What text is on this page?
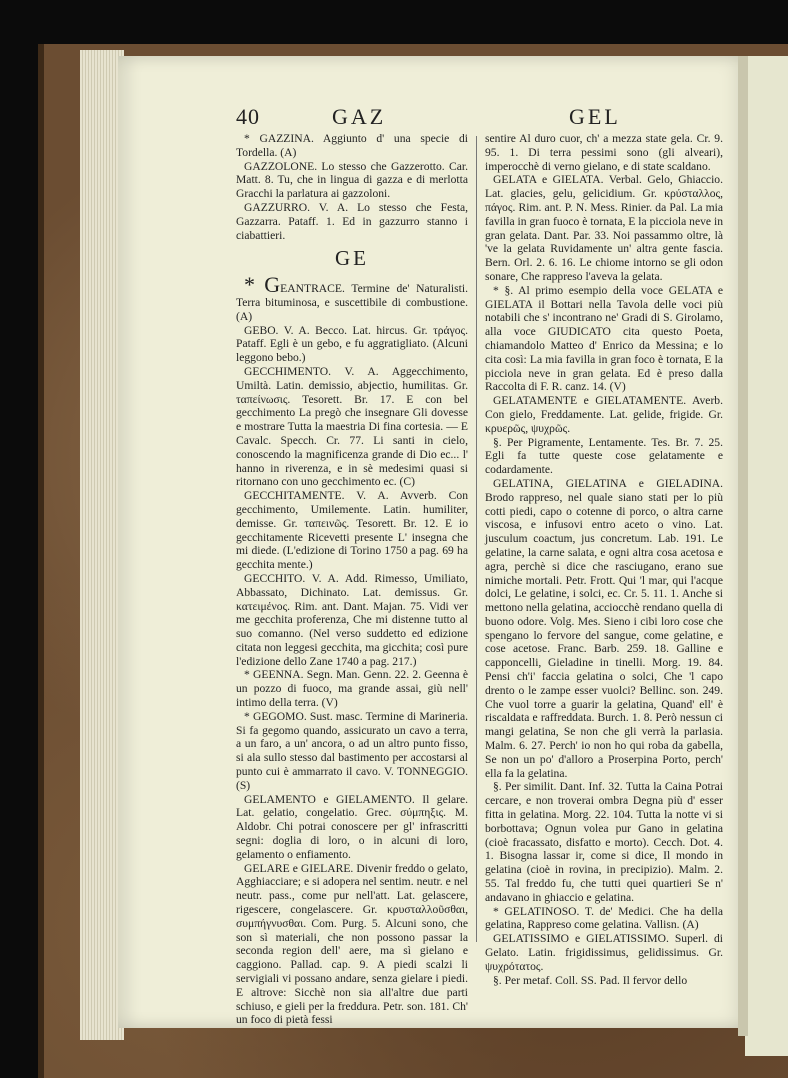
40	GAZ	GEL

* GAZZINA. Aggiunto d' una specie di Tordella. (A)

GAZZOLONE. Lo stesso che Gazzerotto. Car. Matt. 8. Tu, che in lingua di gazza e di merlotta Gracchi la parlatura ai gazzoloni.

GAZZURRO. V. A. Lo stesso che Festa, Gazzarra. Pataff. 1. Ed in gazzurro stanno i ciabattieri.

GE

* GEANTRACE. Termine de' Naturalisti. Terra bituminosa, e suscettibile di combustione. (A)

GEBO. V. A. Becco. Lat. hircus. Gr. τράγος. Pataff. Egli è un gebo, e fu aggratigliato. (Alcuni leggono bebo.)

GECCHIMENTO. V. A. Aggecchimento, Umiltà. Latin. demissio, abjectio, humilitas. Gr. ταπείνωσις. Tesorett. Br. 17. E con bel gecchimento La pregò che insegnare Gli dovesse e mostrare Tutta la maestria Di fina cortesia. — E Cavalc. Specch. Cr. 77. Li santi in cielo, conoscendo la magnificenza grande di Dio ec... l' hanno in riverenza, e in sè medesimi quasi si ritornano con uno gecchimento ec. (C)

GECCHITAMENTE. V. A. Avverb. Con gecchimento, Umilemente. Latin. humiliter, demisse. Gr. ταπεινῶς. Tesorett. Br. 12. E io gecchitamente Ricevetti presente L' insegna che mi diede. (L'edizione di Torino 1750 a pag. 69 ha gecchita mente.)

GECCHITO. V. A. Add. Rimesso, Umiliato, Abbassato, Dichinato. Lat. demissus. Gr. κατειμένος. Rim. ant. Dant. Majan. 75. Vidi ver me gecchita proferenza, Che mi distenne tutto al suo comanno. (Nel verso suddetto ed edizione citata non leggesi gecchita, ma gicchita; così pure l'edizione dello Zane 1740 a pag. 217.)

* GEENNA. Segn. Man. Genn. 22. 2. Geenna è un pozzo di fuoco, ma grande assai, giù nell' intimo della terra. (V)

* GEGOMO. Sust. masc. Termine di Marineria. Si fa gegomo quando, assicurato un cavo a terra, a un faro, a un' ancora, o ad un altro punto fisso, si ala sullo stesso dal bastimento per accostarsi al punto cui è ammarrato il cavo. V. TONNEGGIO. (S)

GELAMENTO e GIELAMENTO. Il gelare. Lat. gelatio, congelatio. Grec. σύμπηξις. M. Aldobr. Chi potrai conoscere per gl' infrascritti segni: doglia di loro, o in alcuni di loro, gelamento o enfiamento.

GELARE e GIELARE. Divenir freddo o gelato, Agghiacciare; e si adopera nel sentim. neutr. e nel neutr. pass., come pur nell'att. Lat. gelascere, rigescere, congelascere. Gr. κρυσταλλοῦσθαι, συμπήγνυσθαι. Com. Purg. 5. Alcuni sono, che son sì materiali, che non possono passar la seconda region dell' aere, ma sì gielano e caggiono. Pallad. cap. 9. A piedi scalzi li servigiali vi possano andare, senza gielare i piedi. E altrove: Sicchè non sia all'altre due parti schiuso, e gieli per la freddura. Petr. son. 181. Ch' un foco di pietà fessi

sentire Al duro cuor, ch' a mezza state gela. Cr. 9. 95. 1. Di terra pessimi sono (gli alveari), imperocchè di verno gielano, e di state scaldano.

GELATA e GIELATA. Verbal. Gelo, Ghiaccio. Lat. glacies, gelu, gelicidium. Gr. κρύσταλλος, πάγος. Rim. ant. P. N. Mess. Rinier. da Pal. La mia favilla in gran fuoco è tornata, E la picciola neve in gran gelata. Dant. Par. 33. Noi passammo oltre, là 've la gelata Ruvidamente un' altra gente fascia. Bern. Orl. 2. 6. 16. Le chiome intorno se gli odon sonare, Che rappreso l'aveva la gelata.

* §. Al primo esempio della voce GELATA e GIELATA il Bottari nella Tavola delle voci più notabili che s' incontrano ne' Gradi di S. Girolamo, alla voce GIUDICATO cita questo Poeta, chiamandolo Matteo d' Enrico da Messina; e lo cita così: La mia favilla in gran foco è tornata, E la picciola neve in gran gelata. Ed è preso dalla Raccolta di F. R. canz. 14. (V)

GELATAMENTE e GIELATAMENTE. Averb. Con gielo, Freddamente. Lat. gelide, frigide. Gr. κρυερῶς, ψυχρῶς.

§. Per Pigramente, Lentamente. Tes. Br. 7. 25. Egli fa tutte queste cose gelatamente e codardamente.

GELATINA, GIELATINA e GIELADINA. Brodo rappreso, nel quale siano stati per lo più cotti piedi, capo o cotenne di porco, o altra carne viscosa, e infusovi entro aceto o vino. Lat. jusculum coactum, jus concretum. Lab. 191. Le gelatine, la carne salata, e ogni altra cosa acetosa e agra, perchè si dice che rasciugano, erano sue nimiche mortali. Petr. Frott. Qui 'l mar, qui l'acque dolci, Le gelatine, i solci, ec. Cr. 5. 11. 1. Anche si mettono nella gelatina, acciocchè rendano quella di buono odore. Volg. Mes. Sieno i cibi loro cose che spengano lo fervore del sangue, come gelatine, e cose acetose. Franc. Barb. 259. 18. Galline e capponcelli, Gieladine in tinelli. Morg. 19. 84. Pensi ch'i' faccia gelatina o solci, Che 'l capo drento o le zampe esser vuolci? Bellinc. son. 249. Che vuol torre a guarir la gelatina, Quand' ell' è riscaldata e raffreddata. Burch. 1. 8. Però nessun ci mangi gelatina, Se non che gli verrà la parlasia. Malm. 6. 27. Perch' io non ho qui roba da gabella, Se non un po' d'alloro a Proserpina Porto, perch' ella fa la gelatina.

§. Per similit. Dant. Inf. 32. Tutta la Caina Potrai cercare, e non troverai ombra Degna più d' esser fitta in gelatina. Morg. 22. 104. Tutta la notte vi si borbottava; Ognun volea pur Gano in gelatina (cioè fracassato, disfatto e morto). Cecch. Dot. 4. 1. Bisogna lassar ir, come si dice, Il mondo in gelatina (cioè in rovina, in precipizio). Malm. 2. 55. Tal freddo fu, che tutti quei quartieri Se n' andavano in ghiaccio e gelatina.

* GELATINOSO. T. de' Medici. Che ha della gelatina, Rappreso come gelatina. Vallisn. (A)

GELATISSIMO e GIELATISSIMO. Superl. di Gelato. Latin. frigidissimus, gelidissimus. Gr. ψυχρότατος.

§. Per metaf. Coll. SS. Pad. Il fervor dello
